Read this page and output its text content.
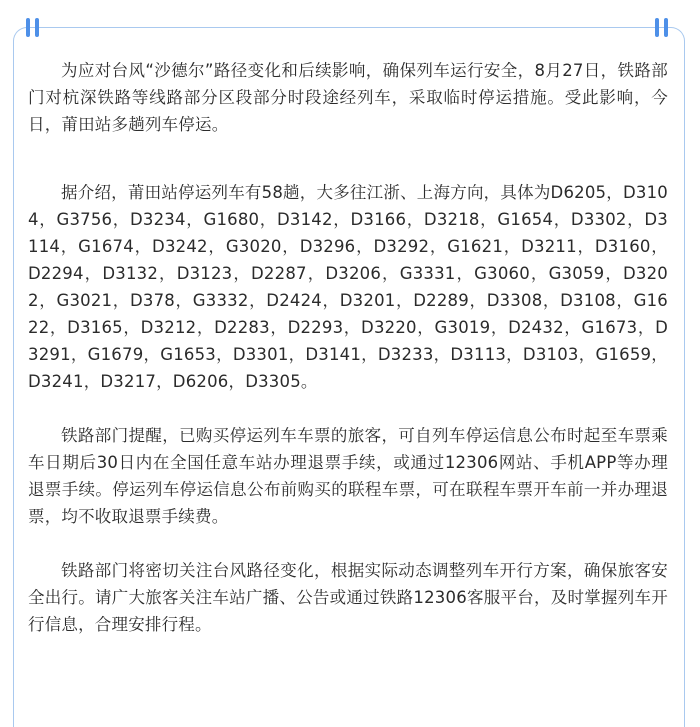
为应对台风“沙德尔”路径变化和后续影响，确保列车运行安全，8月27日，铁路部门对杭深铁路等线路部分区段部分时段途经列车，采取临时停运措施。受此影响，今日，莆田站多趟列车停运。

据介绍，莆田站停运列车有58趟，大多往江浙、上海方向，具体为D6205，D3104，G3756，D3234，G1680，D3142，D3166，D3218，G1654，D3302，D3114，G1674，D3242，G3020，D3296，D3292，G1621，D3211，D3160，D2294，D3132，D3123，D2287，D3206，G3331，G3060，G3059，D3202，G3021，D378，G3332，D2424，D3201，D2289，D3308，D3108，G1622，D3165，D3212，D2283，D2293，D3220，G3019，D2432，G1673，D3291，G1679，G1653，D3301，D3141，D3233，D3113，D3103，G1659，D3241，D3217，D6206，D3305。

铁路部门提醒，已购买停运列车车票的旅客，可自列车停运信息公布时起至车票乘车日期后30日内在全国任意车站办理退票手续，或通过12306网站、手机APP等办理退票手续。停运列车停运信息公布前购买的联程车票，可在联程车票开车前一并办理退票，均不收取退票手续费。

铁路部门将密切关注台风路径变化，根据实际动态调整列车开行方案，确保旅客安全出行。请广大旅客关注车站广播、公告或通过铁路12306客服平台，及时掌握列车开行信息，合理安排行程。
